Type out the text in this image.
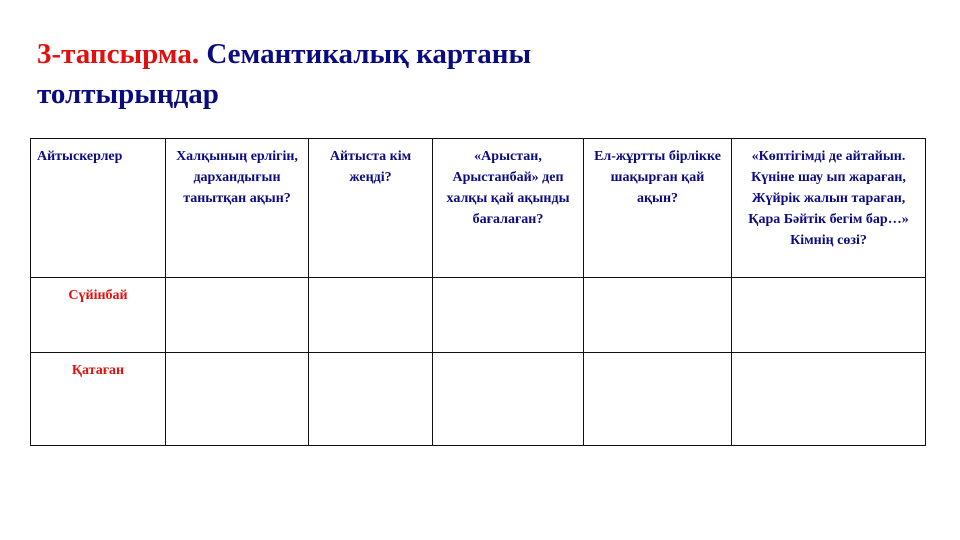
3-тапсырма. Семантикалық картаны толтырыңдар
Айтыскерлер	Халқының ерлігін, дархандығын танытқан ақын?	Айтыста кім жеңді?	«Арыстан, Арыстанбай» деп халқы қай ақынды бағалаған?	Ел-жұртты бірлікке шақырған қай ақын?	«Көптігімді де айтайын. Күніне шау ып жараған, Жүйрік жалын тараған, Қара Бәйтік бегім бар…» Кімнің сөзі?
Сүйінбай					
Қатаған					
